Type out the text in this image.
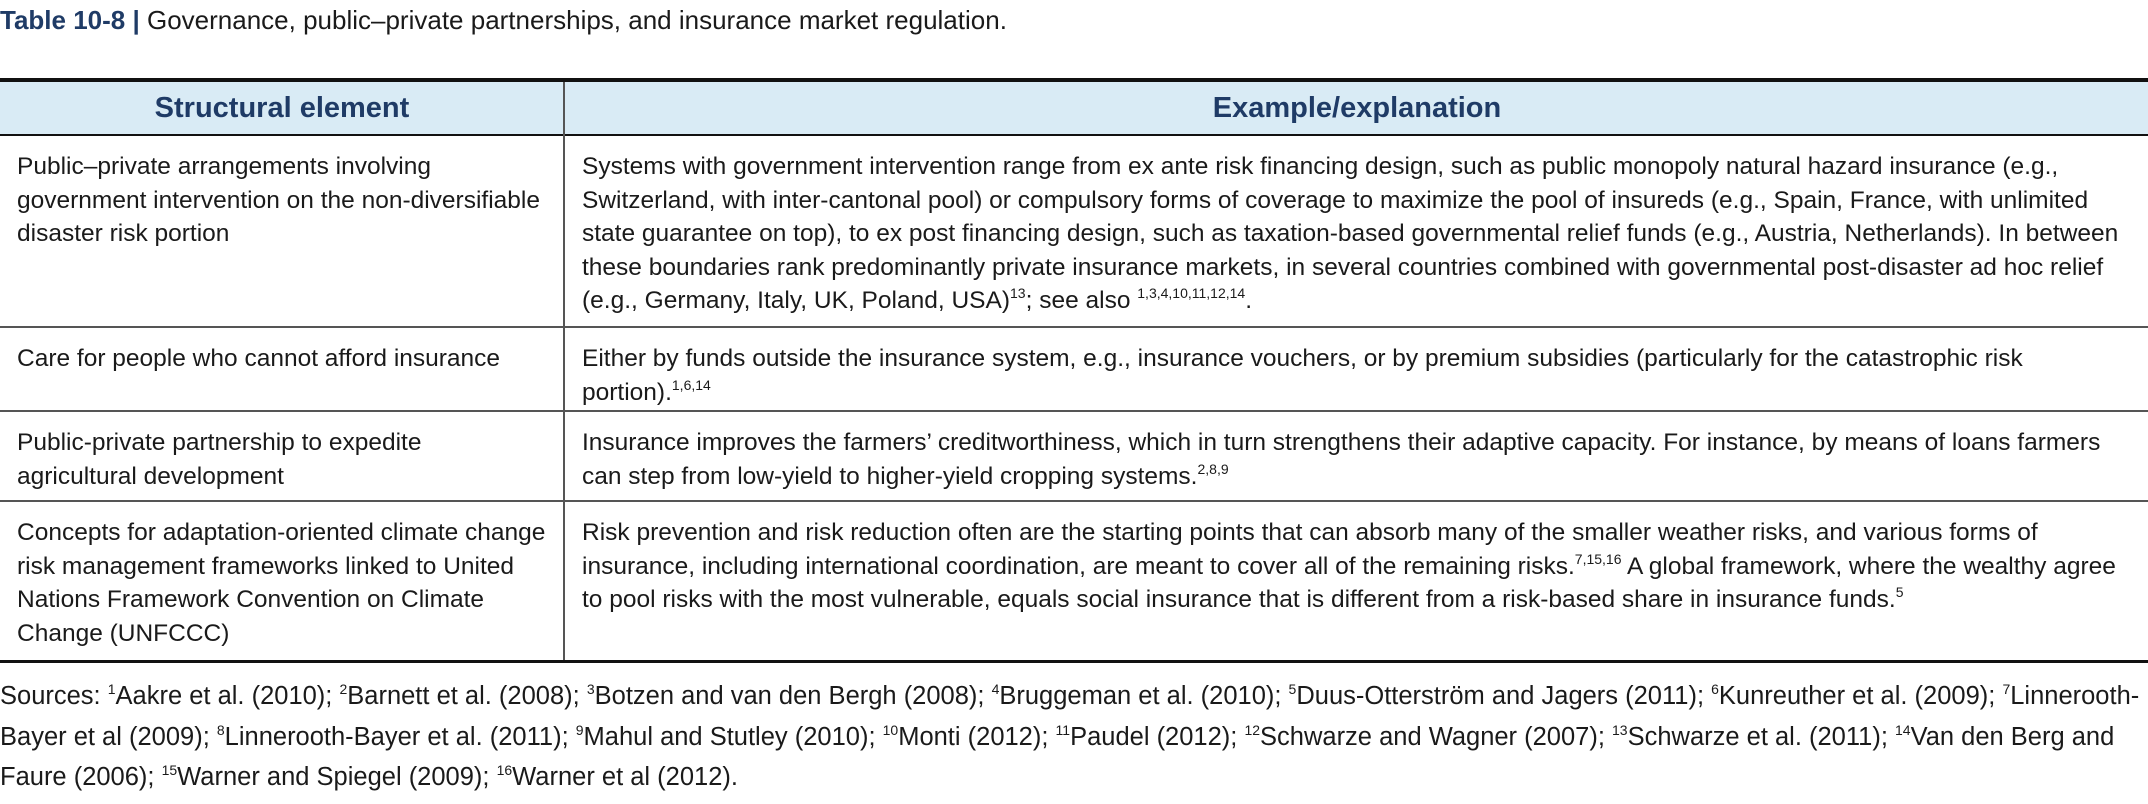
Table 10-8 | Governance, public–private partnerships, and insurance market regulation.
Structural element	Example/explanation
Public–private arrangements involving government intervention on the non-diversifiable disaster risk portion
Systems with government intervention range from ex ante risk financing design, such as public monopoly natural hazard insurance (e.g., Switzerland, with inter-cantonal pool) or compulsory forms of coverage to maximize the pool of insureds (e.g., Spain, France, with unlimited state guarantee on top), to ex post financing design, such as taxation-based governmental relief funds (e.g., Austria, Netherlands). In between these boundaries rank predominantly private insurance markets, in several countries combined with governmental post-disaster ad hoc relief (e.g., Germany, Italy, UK, Poland, USA)$^{13}$; see also $^{1,3,4,10,11,12,14}$.
Care for people who cannot afford insurance	Either by funds outside the insurance system, e.g., insurance vouchers, or by premium subsidies (particularly for the catastrophic risk portion).$^{1,6,14}$
Public-private partnership to expedite agricultural development
Insurance improves the farmers’ creditworthiness, which in turn strengthens their adaptive capacity. For instance, by means of loans farmers can step from low-yield to higher-yield cropping systems.$^{2,8,9}$
Concepts for adaptation-oriented climate change risk management frameworks linked to United Nations Framework Convention on Climate Change (UNFCCC)
Risk prevention and risk reduction often are the starting points that can absorb many of the smaller weather risks, and various forms of insurance, including international coordination, are meant to cover all of the remaining risks.$^{7,15,16}$ A global framework, where the wealthy agree to pool risks with the most vulnerable, equals social insurance that is different from a risk-based share in insurance funds.$^5$
Sources: $^1$Aakre et al. (2010); $^2$Barnett et al. (2008); $^3$Botzen and van den Bergh (2008); $^4$Bruggeman et al. (2010); $^5$Duus-Otterström and Jagers (2011); $^6$Kunreuther et al. (2009); $^7$Linnerooth-Bayer et al (2009); $^8$Linnerooth-Bayer et al. (2011); $^9$Mahul and Stutley (2010); $^{10}$Monti (2012); $^{11}$Paudel (2012); $^{12}$Schwarze and Wagner (2007); $^{13}$Schwarze et al. (2011); $^{14}$Van den Berg and Faure (2006); $^{15}$Warner and Spiegel (2009); $^{16}$Warner et al (2012).
